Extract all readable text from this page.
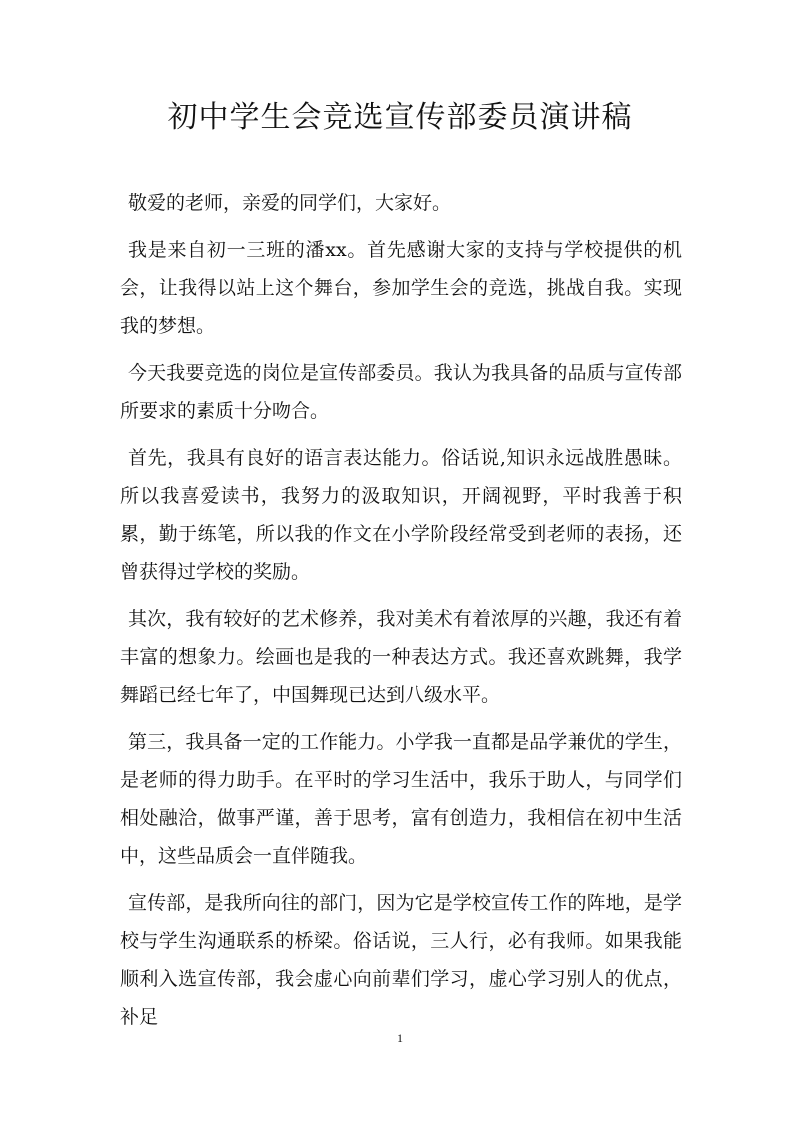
初中学生会竞选宣传部委员演讲稿

敬爱的老师，亲爱的同学们，大家好。

我是来自初一三班的潘xx。首先感谢大家的支持与学校提供的机会，让我得以站上这个舞台，参加学生会的竞选，挑战自我。实现我的梦想。

今天我要竞选的岗位是宣传部委员。我认为我具备的品质与宣传部所要求的素质十分吻合。

首先，我具有良好的语言表达能力。俗话说,知识永远战胜愚昧。所以我喜爱读书，我努力的汲取知识，开阔视野，平时我善于积累，勤于练笔，所以我的作文在小学阶段经常受到老师的表扬，还曾获得过学校的奖励。

其次，我有较好的艺术修养，我对美术有着浓厚的兴趣，我还有着丰富的想象力。绘画也是我的一种表达方式。我还喜欢跳舞，我学舞蹈已经七年了，中国舞现已达到八级水平。

第三，我具备一定的工作能力。小学我一直都是品学兼优的学生，是老师的得力助手。在平时的学习生活中，我乐于助人，与同学们相处融洽，做事严谨，善于思考，富有创造力，我相信在初中生活中，这些品质会一直伴随我。

宣传部，是我所向往的部门，因为它是学校宣传工作的阵地，是学校与学生沟通联系的桥梁。俗话说，三人行，必有我师。如果我能顺利入选宣传部，我会虚心向前辈们学习，虚心学习别人的优点，补足

1
